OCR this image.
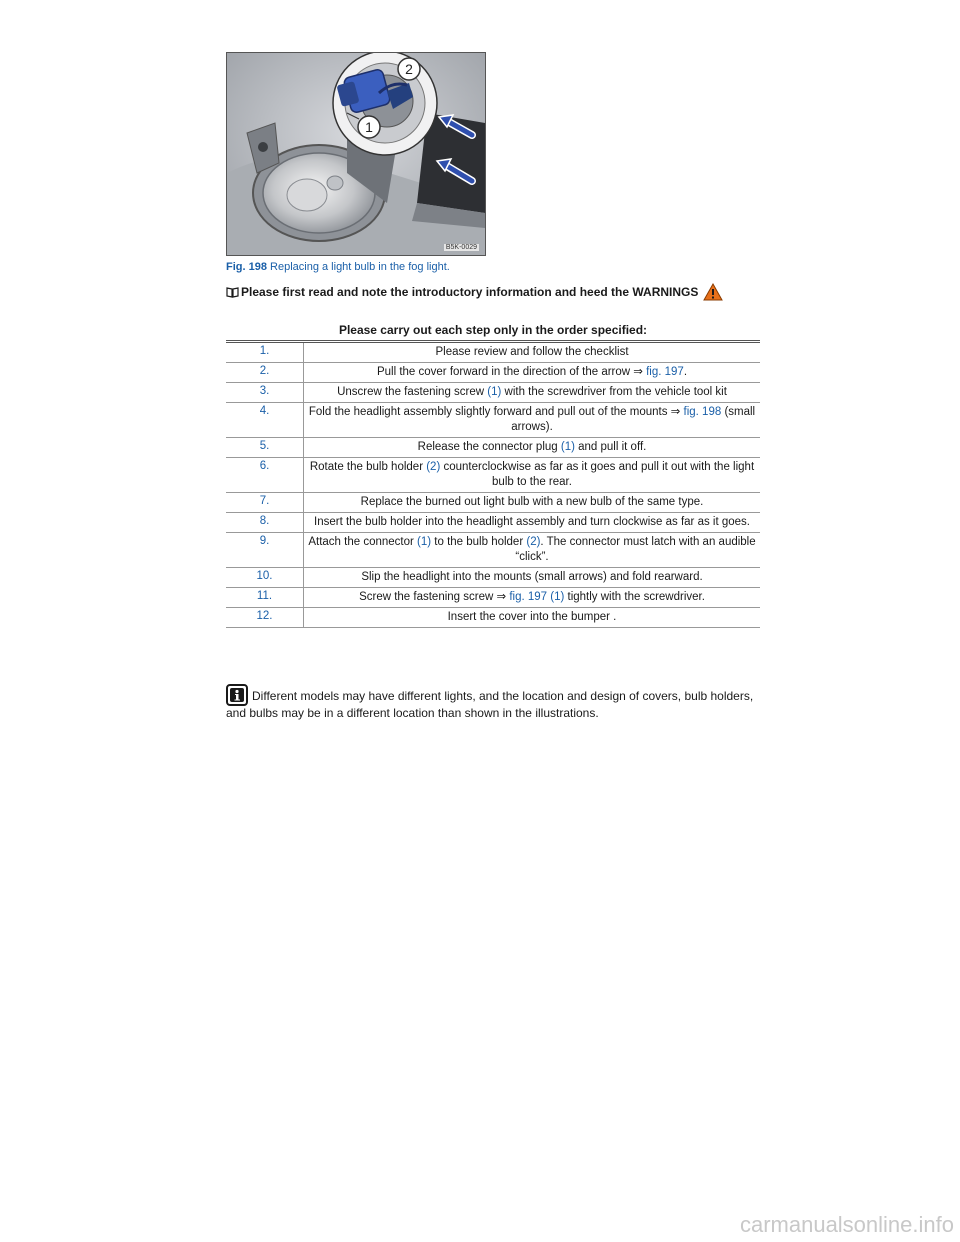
2
1
B5K-0029
Fig. 198 Replacing a light bulb in the fog light.
Please first read and note the introductory information and heed the WARNINGS
Please carry out each step only in the order specified:
1.	Please review and follow the checklist
2.	Pull the cover forward in the direction of the arrow ⇒ fig. 197.
3.	Unscrew the fastening screw (1) with the screwdriver from the vehicle tool kit
4.	Fold the headlight assembly slightly forward and pull out of the mounts ⇒ fig. 198 (small arrows).
5.	Release the connector plug (1) and pull it off.
6.	Rotate the bulb holder (2) counterclockwise as far as it goes and pull it out with the light bulb to the rear.
7.	Replace the burned out light bulb with a new bulb of the same type.
8.	Insert the bulb holder into the headlight assembly and turn clockwise as far as it goes.
9.	Attach the connector (1) to the bulb holder (2). The connector must latch with an audible “click”.
10.	Slip the headlight into the mounts (small arrows) and fold rearward.
11.	Screw the fastening screw ⇒ fig. 197 (1) tightly with the screwdriver.
12.	Insert the cover into the bumper .
Different models may have different lights, and the location and design of covers, bulb holders, and bulbs may be in a different location than shown in the illustrations.
carmanualsonline.info
